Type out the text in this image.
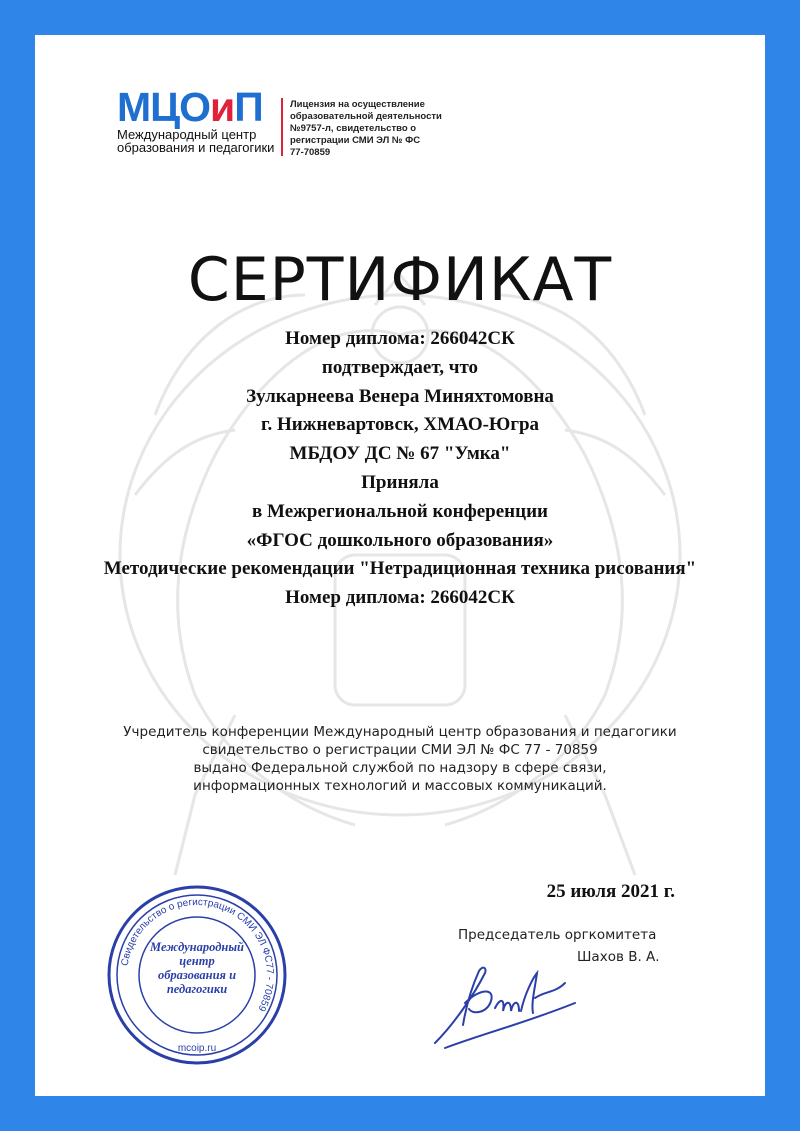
МЦОиП
Международный центр
образования и педагогики
Лицензия на осуществление
образовательной деятельности
№9757-л, свидетельство о
регистрации СМИ ЭЛ № ФС
77-70859
СЕРТИФИКАТ
Номер диплома: 266042СК
подтверждает, что
Зулкарнеева Венера Миняхтомовна
г. Нижневартовск, ХМАО-Югра
МБДОУ ДС № 67 "Умка"
Приняла
в Межрегиональной конференции
«ФГОС дошкольного образования»
Методические рекомендации "Нетрадиционная техника рисования"
Номер диплома: 266042СК
Учредитель конференции Международный центр образования и педагогики
свидетельство о регистрации СМИ ЭЛ № ФС 77 - 70859
выдано Федеральной службой по надзору в сфере связи,
информационных технологий и массовых коммуникаций.
25 июля 2021 г.
Председатель оргкомитета
Шахов В. А.
Свидетельство о регистрации СМИ ЭЛ ФС77 - 70859
mcoip.ru
Международный
центр
образования и
педагогики
